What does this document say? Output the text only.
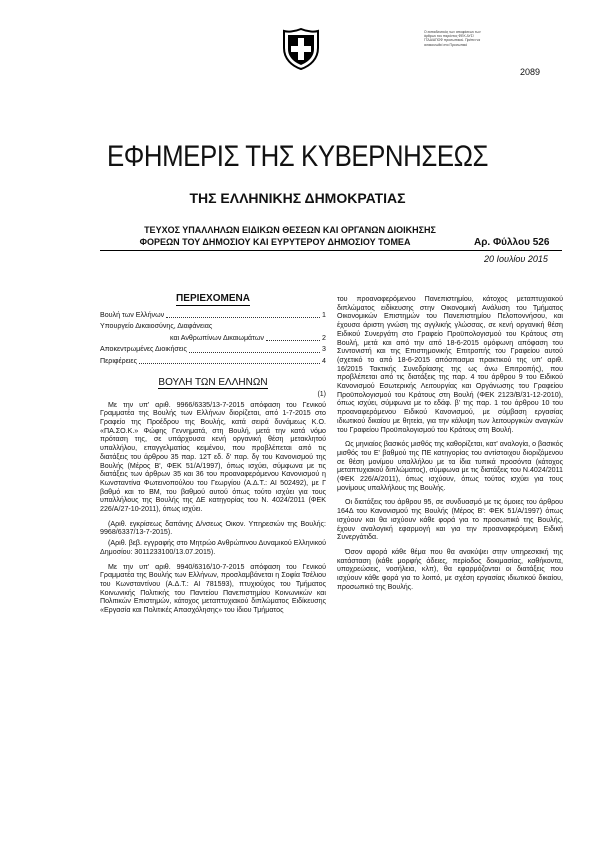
Ο εκπαιδευτικός των αποφάσεων των άρθρων του παρόντος ΦΕΚ ΔΥΣ/ΓΓΔΑ/ΑΠΟΦ προσωπικού. Πρέπει να ανακοινωθεί στο Προσωπικό
2089
ΕΦΗΜΕΡΙΣ ΤΗΣ ΚΥΒΕΡΝΗΣΕΩΣ
ΤΗΣ ΕΛΛΗΝΙΚΗΣ ΔΗΜΟΚΡΑΤΙΑΣ
ΤΕΥΧΟΣ ΥΠΑΛΛΗΛΩΝ ΕΙΔΙΚΩΝ ΘΕΣΕΩΝ ΚΑΙ ΟΡΓΑΝΩΝ ΔΙΟΙΚΗΣΗΣ
ΦΟΡΕΩΝ ΤΟΥ ΔΗΜΟΣΙΟΥ ΚΑΙ ΕΥΡΥΤΕΡΟΥ ΔΗΜΟΣΙΟΥ ΤΟΜΕΑ	Αρ. Φύλλου 526
20 Ιουλίου 2015
ΠΕΡΙΕΧΟΜΕΝΑ
Βουλή των Ελλήνων	1
Υπουργείο Δικαιοσύνης, Διαφάνειας
και Ανθρωπίνων Δικαιωμάτων	2
Αποκεντρωμένες Διοικήσεις	3
Περιφέρειες	4
ΒΟΥΛΗ ΤΩΝ ΕΛΛΗΝΩΝ
(1)

Με την υπ' αριθ. 9966/6335/13-7-2015 απόφαση του Γενικού Γραμματέα της Βουλής των Ελλήνων διορίζεται, από 1-7-2015 στο Γραφείο της Προέδρου της Βουλής, κατά σειρά δυνάμεως Κ.Ο. «ΠΑ.ΣΟ.Κ.» Φώφης Γεννηματά, στη Βουλή, μετά την κατά νόμο πρόταση της, σε υπάρχουσα κενή οργανική θέση μετακλητού υπαλλήλου, επαγγελματίας κειμένου, που προβλέπεται από τις διατάξεις του άρθρου 35 παρ. 12Τ εδ. δ' παρ. δγ του Κανονισμού της Βουλής (Μέρος Β', ΦΕΚ 51/Α/1997), όπως ισχύει, σύμφωνα με τις διατάξεις των άρθρων 35 και 36 του προαναφερόμενου Κανονισμού η Κωνσταντίνα Φωτεινοπούλου του Γεωργίου (Α.Δ.Τ.: ΑΙ 502492), με Γ βαθμό και το ΒΜ, του βαθμού αυτού όπως τούτο ισχύει για τους υπαλλήλους της Βουλής της ΔΕ κατηγορίας του Ν. 4024/2011 (ΦΕΚ 226/Α/27-10-2011), όπως ισχύει.

(Αριθ. εγκρίσεως δαπάνης Δ/νσεως Οικον. Υπηρεσιών της Βουλής: 9968/6337/13-7-2015).

(Αριθ. βεβ. εγγραφής στο Μητρώο Ανθρώπινου Δυναμικού Ελληνικού Δημοσίου: 3011233100/13.07.2015).

Με την υπ' αριθ. 9940/6316/10-7-2015 απόφαση του Γενικού Γραμματέα της Βουλής των Ελλήνων, προσλαμβάνεται η Σοφία Τσέλιου του Κωνσταντίνου (Α.Δ.Τ.: ΑΙ 781593), πτυχιούχος του Τμήματος Κοινωνικής Πολιτικής του Παντείου Πανεπιστημίου Κοινωνικών και Πολιτικών Επιστημών, κάτοχος μεταπτυχιακού διπλώματος Ειδίκευσης «Εργασία και Πολιτικές Απασχόλησης» του ίδιου Τμήματος

του προαναφερόμενου Πανεπιστημίου, κάτοχος μεταπτυχιακού διπλώματος ειδίκευσης στην Οικονομική Ανάλυση του Τμήματος Οικονομικών Επιστημών του Πανεπιστημίου Πελοποννήσου, και έχουσα άριστη γνώση της αγγλικής γλώσσας, σε κενή οργανική θέση Ειδικού Συνεργάτη στο Γραφείο Προϋπολογισμού του Κράτους στη Βουλή, μετά και από την από 18-6-2015 ομόφωνη απόφαση του Συντονιστή και της Επιστημονικής Επιτροπής του Γραφείου αυτού (σχετικό το από 18-6-2015 απόσπασμα πρακτικού της υπ' αριθ. 16/2015 Τακτικής Συνεδρίασης της ως άνω Επιτροπής), που προβλέπεται από τις διατάξεις της παρ. 4 του άρθρου 9 του Ειδικού Κανονισμού Εσωτερικής Λειτουργίας και Οργάνωσης του Γραφείου Προϋπολογισμού του Κράτους στη Βουλή (ΦΕΚ 2123/Β/31-12-2010), όπως ισχύει, σύμφωνα με το εδάφ. β' της παρ. 1 του άρθρου 10 του προαναφερόμενου Ειδικού Κανονισμού, με σύμβαση εργασίας ιδιωτικού δικαίου με θητεία, για την κάλυψη των λειτουργικών αναγκών του Γραφείου Προϋπολογισμού του Κράτους στη Βουλή.

Ως μηνιαίος βασικός μισθός της καθορίζεται, κατ' αναλογία, ο βασικός μισθός του Ε' βαθμού της ΠΕ κατηγορίας του αντίστοιχου διοριζόμενου σε θέση μονίμου υπαλλήλου με τα ίδια τυπικά προσόντα (κάτοχος μεταπτυχιακού διπλώματος), σύμφωνα με τις διατάξεις του Ν.4024/2011 (ΦΕΚ 226/Α/2011), όπως ισχύουν, όπως τούτος ισχύει για τους μονίμους υπαλλήλους της Βουλής.

Οι διατάξεις του άρθρου 95, σε συνδυασμό με τις όμοιες του άρθρου 164Δ του Κανονισμού της Βουλής (Μέρος Β': ΦΕΚ 51/Α/1997) όπως ισχύουν και θα ισχύουν κάθε φορά για το προσωπικό της Βουλής, έχουν αναλογική εφαρμογή και για την προαναφερόμενη Ειδική Συνεργάτιδα.

Όσον αφορά κάθε θέμα που θα ανακύψει στην υπηρεσιακή της κατάσταση (κάθε μορφής άδειες, περίοδος δοκιμασίας, καθήκοντα, υποχρεώσεις, νοσήλεια, κλπ), θα εφαρμόζονται οι διατάξεις που ισχύουν κάθε φορά για το λοιπό, με σχέση εργασίας ιδιωτικού δικαίου, προσωπικό της Βουλής.
